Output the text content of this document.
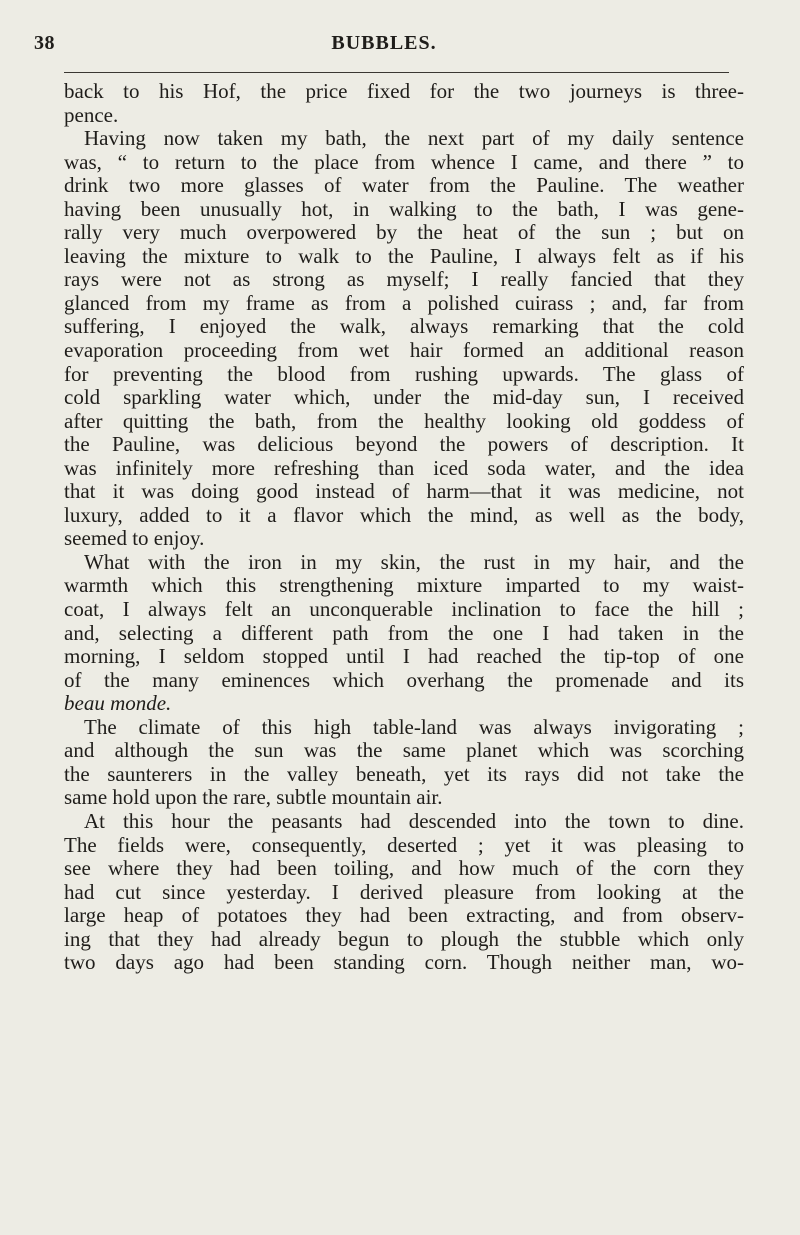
38	BUBBLES.
back to his Hof, the price fixed for the two journeys is three-
pence.
Having now taken my bath, the next part of my daily sentence
was, “ to return to the place from whence I came, and there ” to
drink two more glasses of water from the Pauline. The weather
having been unusually hot, in walking to the bath, I was gene-
rally very much overpowered by the heat of the sun ; but on
leaving the mixture to walk to the Pauline, I always felt as if his
rays were not as strong as myself; I really fancied that they
glanced from my frame as from a polished cuirass ; and, far from
suffering, I enjoyed the walk, always remarking that the cold
evaporation proceeding from wet hair formed an additional reason
for preventing the blood from rushing upwards. The glass of
cold sparkling water which, under the mid-day sun, I received
after quitting the bath, from the healthy looking old goddess of
the Pauline, was delicious beyond the powers of description. It
was infinitely more refreshing than iced soda water, and the idea
that it was doing good instead of harm—that it was medicine, not
luxury, added to it a flavor which the mind, as well as the body,
seemed to enjoy.
What with the iron in my skin, the rust in my hair, and the
warmth which this strengthening mixture imparted to my waist-
coat, I always felt an unconquerable inclination to face the hill ;
and, selecting a different path from the one I had taken in the
morning, I seldom stopped until I had reached the tip-top of one
of the many eminences which overhang the promenade and its
beau monde.
The climate of this high table-land was always invigorating ;
and although the sun was the same planet which was scorching
the saunterers in the valley beneath, yet its rays did not take the
same hold upon the rare, subtle mountain air.
At this hour the peasants had descended into the town to dine.
The fields were, consequently, deserted ; yet it was pleasing to
see where they had been toiling, and how much of the corn they
had cut since yesterday. I derived pleasure from looking at the
large heap of potatoes they had been extracting, and from observ-
ing that they had already begun to plough the stubble which only
two days ago had been standing corn. Though neither man, wo-
